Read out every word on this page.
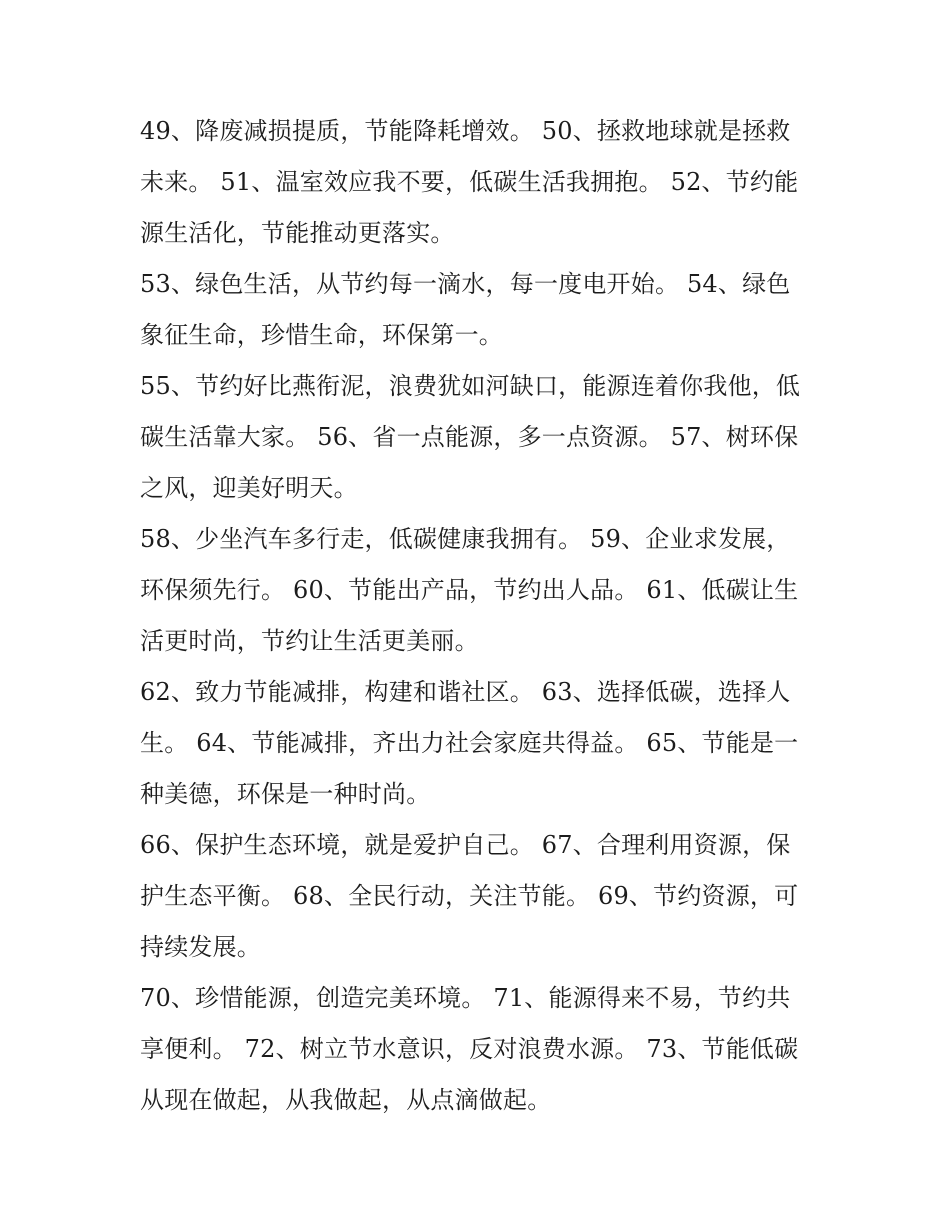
49、降废减损提质，节能降耗增效。 50、拯救地球就是拯救未来。 51、温室效应我不要，低碳生活我拥抱。 52、节约能源生活化，节能推动更落实。

53、绿色生活，从节约每一滴水，每一度电开始。 54、绿色象征生命，珍惜生命，环保第一。

55、节约好比燕衔泥，浪费犹如河缺口，能源连着你我他，低碳生活靠大家。 56、省一点能源，多一点资源。 57、树环保之风，迎美好明天。

58、少坐汽车多行走，低碳健康我拥有。 59、企业求发展，环保须先行。 60、节能出产品，节约出人品。 61、低碳让生活更时尚，节约让生活更美丽。

62、致力节能减排，构建和谐社区。 63、选择低碳，选择人生。 64、节能减排，齐出力社会家庭共得益。 65、节能是一种美德，环保是一种时尚。

66、保护生态环境，就是爱护自己。 67、合理利用资源，保护生态平衡。 68、全民行动，关注节能。 69、节约资源，可持续发展。

70、珍惜能源，创造完美环境。 71、能源得来不易，节约共享便利。 72、树立节水意识，反对浪费水源。 73、节能低碳从现在做起，从我做起，从点滴做起。
